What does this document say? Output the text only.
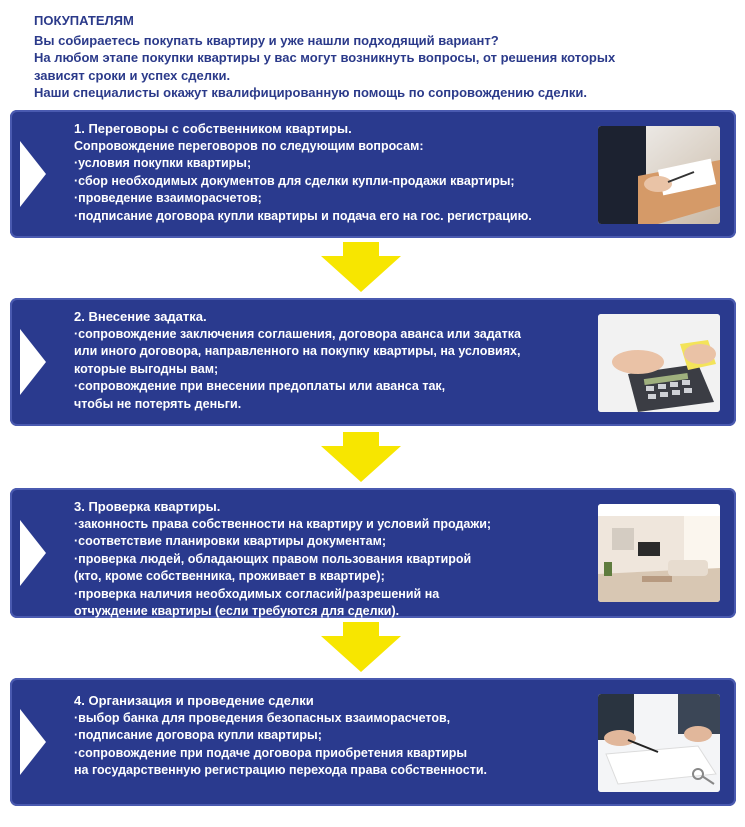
ПОКУПАТЕЛЯМ

Вы собираетесь покупать квартиру и уже нашли подходящий вариант?

На любом этапе покупки квартиры у вас могут возникнуть вопросы, от решения которых

зависят сроки и успех сделки.

Наши специалисты окажут квалифицированную помощь по сопровождению сделки.

1. Переговоры с собственником квартиры.
Сопровождение переговоров по следующим вопросам:
·условия покупки квартиры;
·сбор необходимых документов для сделки купли-продажи квартиры;
·проведение взаиморасчетов;
·подписание договора купли квартиры и подача его на гос. регистрацию.
2. Внесение задатка.
·сопровождение заключения соглашения, договора аванса или задатка
или иного договора, направленного на покупку квартиры, на условиях,
которые выгодны вам;
·сопровождение при внесении предоплаты или аванса так,
чтобы не потерять деньги.
3. Проверка квартиры.
·законность права собственности на квартиру и условий продажи;
·соответствие планировки квартиры документам;
·проверка людей, обладающих правом пользования квартирой
(кто, кроме собственника, проживает в квартире);
·проверка наличия необходимых согласий/разрешений на
отчуждение квартиры (если требуются для сделки).
4. Организация и проведение сделки
·выбор банка для проведения безопасных взаиморасчетов,
·подписание договора купли квартиры;
·сопровождение при подаче договора приобретения квартиры
на государственную регистрацию перехода права собственности.
